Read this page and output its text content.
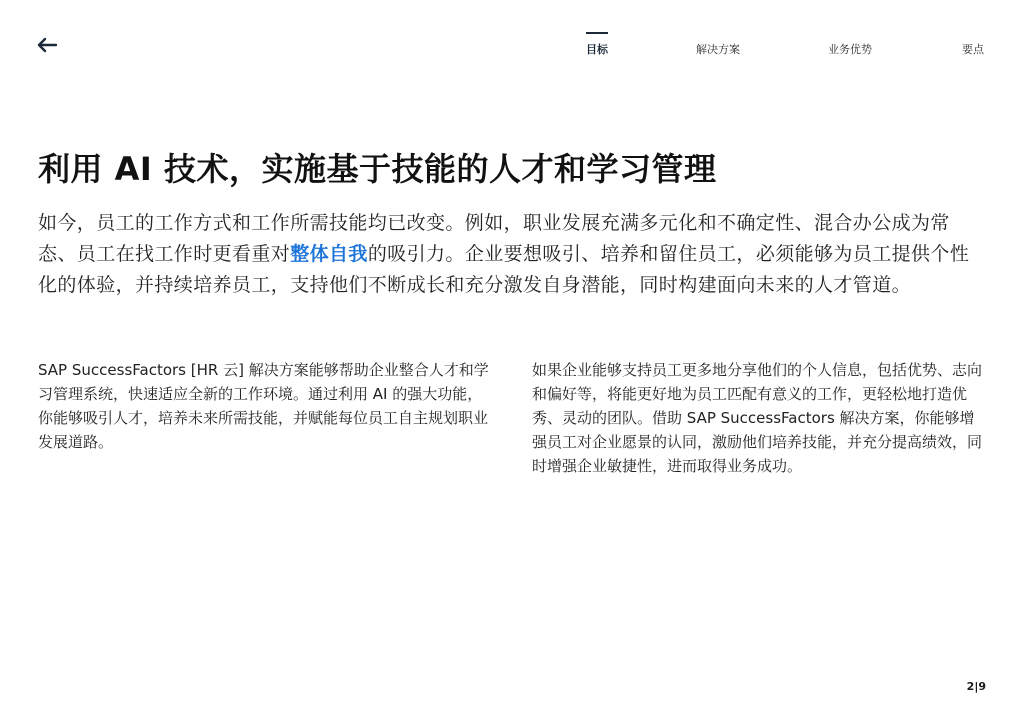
目标	解决方案	业务优势	要点
利用 AI 技术，实施基于技能的人才和学习管理

如今，员工的工作方式和工作所需技能均已改变。例如，职业发展充满多元化和不确定性、混合办公成为常态、员工在找工作时更看重对整体自我的吸引力。企业要想吸引、培养和留住员工，必须能够为员工提供个性化的体验，并持续培养员工，支持他们不断成长和充分激发自身潜能，同时构建面向未来的人才管道。

SAP SuccessFactors [HR 云] 解决方案能够帮助企业整合人才和学习管理系统，快速适应全新的工作环境。通过利用 AI 的强大功能，你能够吸引人才，培养未来所需技能，并赋能每位员工自主规划职业发展道路。

如果企业能够支持员工更多地分享他们的个人信息，包括优势、志向和偏好等，将能更好地为员工匹配有意义的工作，更轻松地打造优秀、灵动的团队。借助 SAP SuccessFactors 解决方案，你能够增强员工对企业愿景的认同，激励他们培养技能，并充分提高绩效，同时增强企业敏捷性，进而取得业务成功。

2|9
